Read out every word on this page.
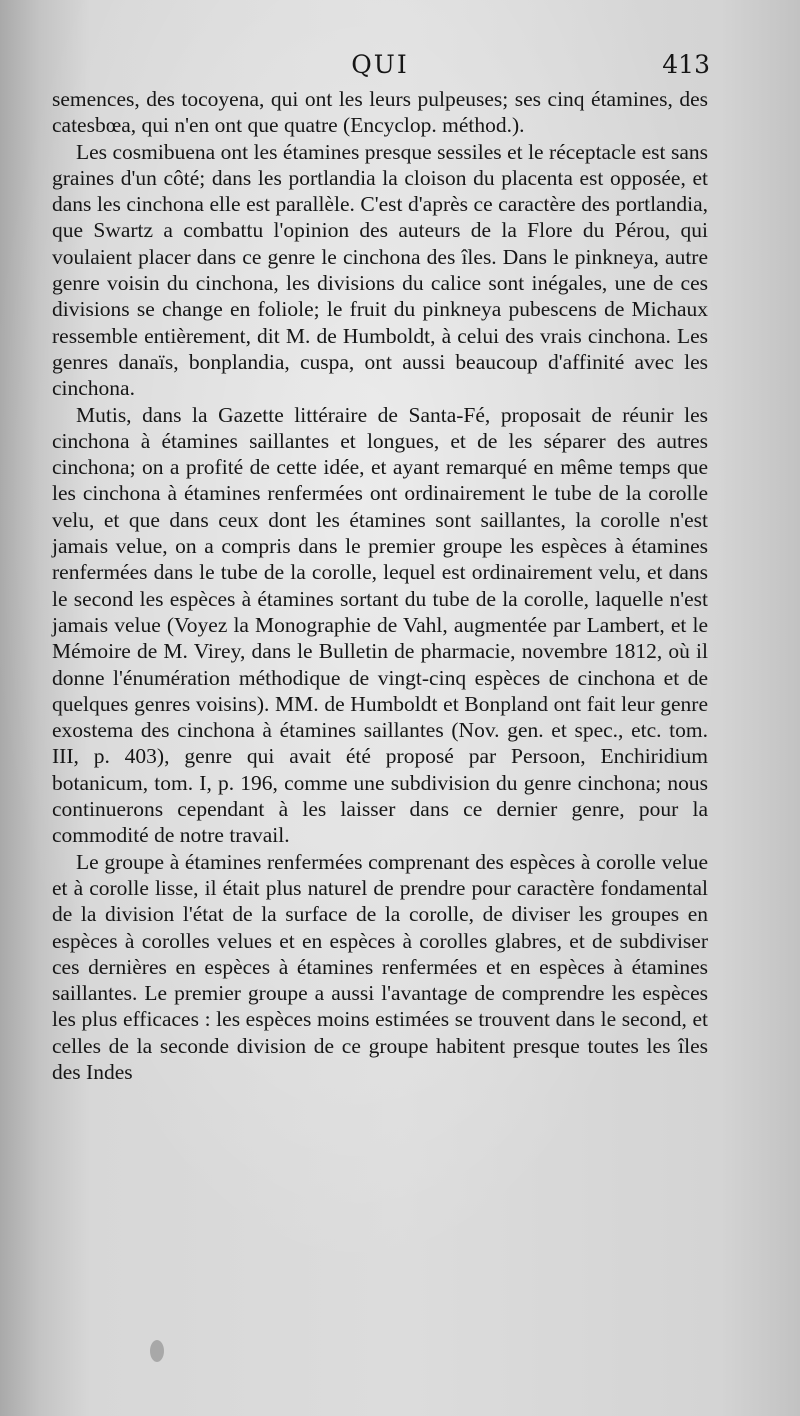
QUI	413

semences, des tocoyena, qui ont les leurs pulpeuses; ses cinq étamines, des catesbœa, qui n'en ont que quatre (Encyclop. méthod.).

Les cosmibuena ont les étamines presque sessiles et le réceptacle est sans graines d'un côté; dans les portlandia la cloison du placenta est opposée, et dans les cinchona elle est parallèle. C'est d'après ce caractère des portlandia, que Swartz a combattu l'opinion des auteurs de la Flore du Pérou, qui voulaient placer dans ce genre le cinchona des îles. Dans le pinkneya, autre genre voisin du cinchona, les divisions du calice sont inégales, une de ces divisions se change en foliole; le fruit du pinkneya pubescens de Michaux ressemble entièrement, dit M. de Humboldt, à celui des vrais cinchona. Les genres danaïs, bonplandia, cuspa, ont aussi beaucoup d'affinité avec les cinchona.

Mutis, dans la Gazette littéraire de Santa-Fé, proposait de réunir les cinchona à étamines saillantes et longues, et de les séparer des autres cinchona; on a profité de cette idée, et ayant remarqué en même temps que les cinchona à étamines renfermées ont ordinairement le tube de la corolle velu, et que dans ceux dont les étamines sont saillantes, la corolle n'est jamais velue, on a compris dans le premier groupe les espèces à étamines renfermées dans le tube de la corolle, lequel est ordinairement velu, et dans le second les espèces à étamines sortant du tube de la corolle, laquelle n'est jamais velue (Voyez la Monographie de Vahl, augmentée par Lambert, et le Mémoire de M. Virey, dans le Bulletin de pharmacie, novembre 1812, où il donne l'énumération méthodique de vingt-cinq espèces de cinchona et de quelques genres voisins). MM. de Humboldt et Bonpland ont fait leur genre exostema des cinchona à étamines saillantes (Nov. gen. et spec., etc. tom. III, p. 403), genre qui avait été proposé par Persoon, Enchiridium botanicum, tom. I, p. 196, comme une subdivision du genre cinchona; nous continuerons cependant à les laisser dans ce dernier genre, pour la commodité de notre travail.

Le groupe à étamines renfermées comprenant des espèces à corolle velue et à corolle lisse, il était plus naturel de prendre pour caractère fondamental de la division l'état de la surface de la corolle, de diviser les groupes en espèces à corolles velues et en espèces à corolles glabres, et de subdiviser ces dernières en espèces à étamines renfermées et en espèces à étamines saillantes. Le premier groupe a aussi l'avantage de comprendre les espèces les plus efficaces : les espèces moins estimées se trouvent dans le second, et celles de la seconde division de ce groupe habitent presque toutes les îles des Indes
